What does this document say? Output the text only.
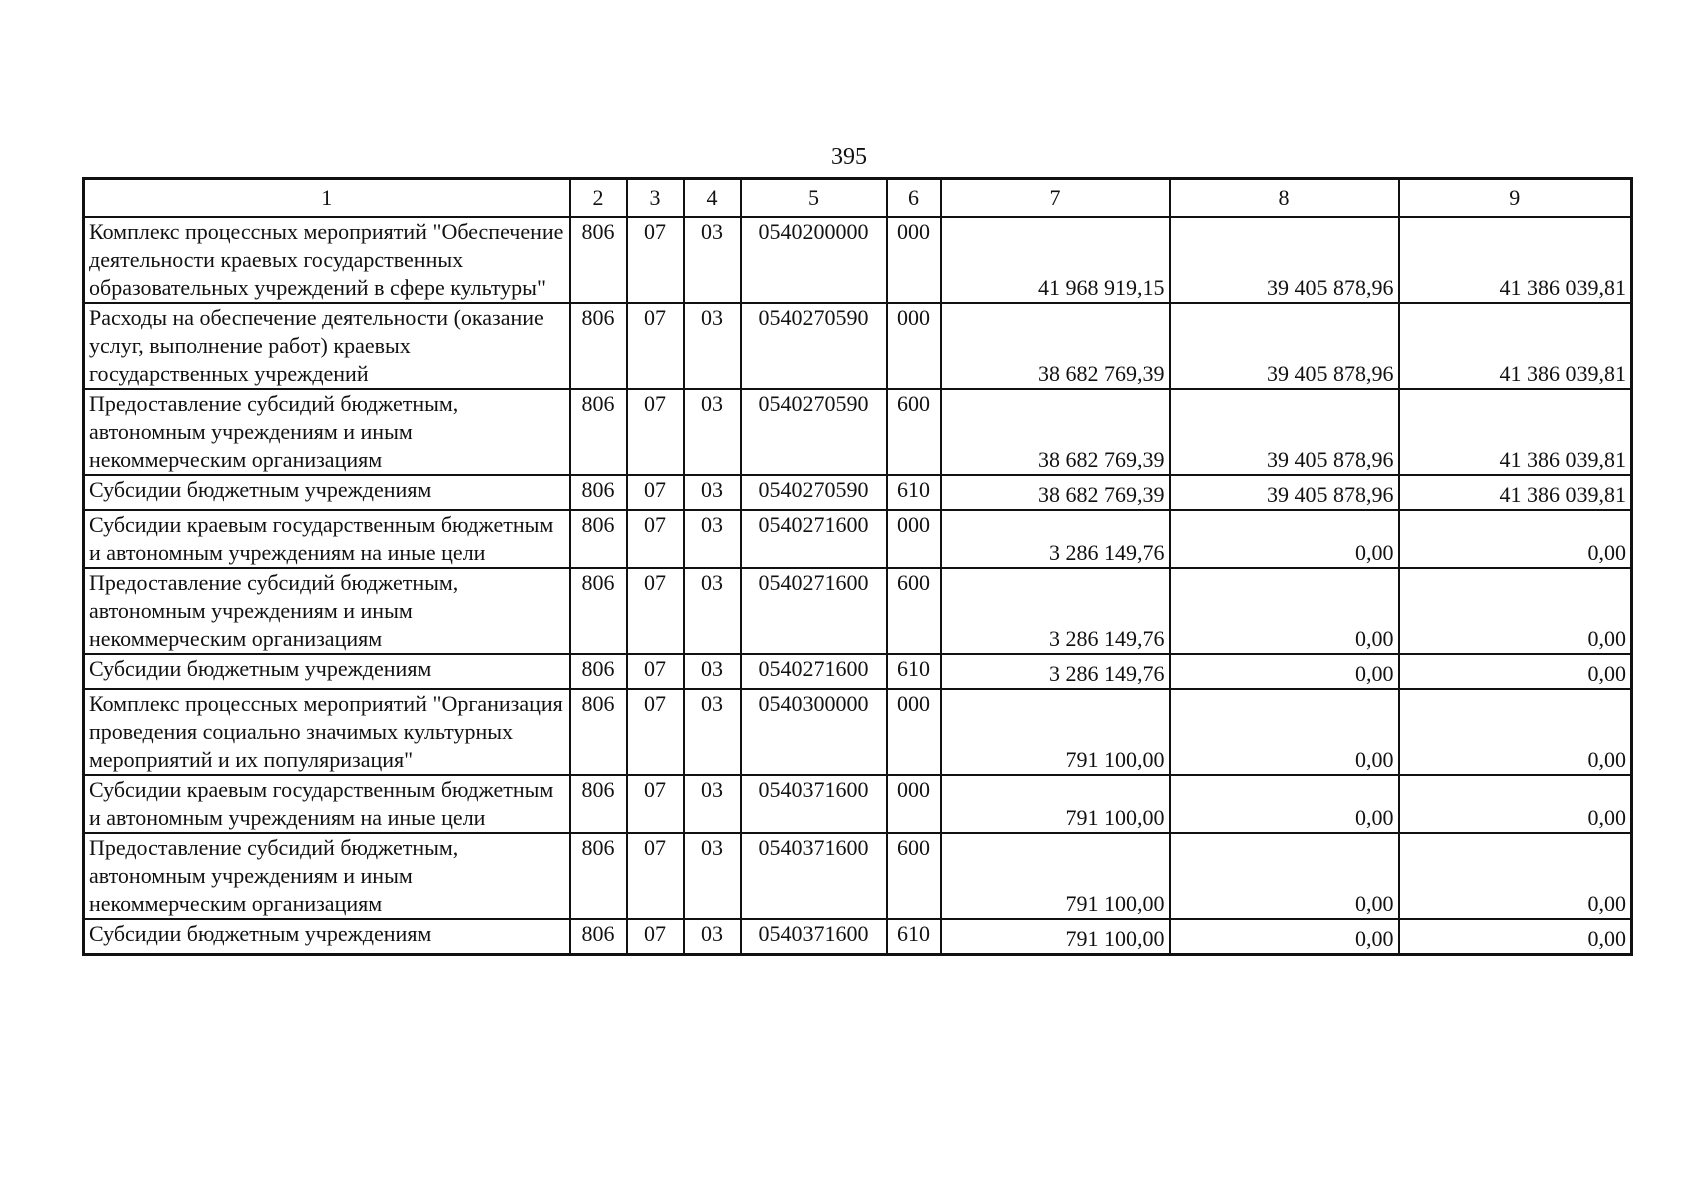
395
1	2	3	4	5	6	7	8	9
Комплекс процессных мероприятий "Обеспечение деятельности краевых государственных образовательных учреждений в сфере культуры"	806	07	03	0540200000	000	41 968 919,15	39 405 878,96	41 386 039,81
Расходы на обеспечение деятельности (оказание услуг, выполнение работ) краевых государственных учреждений	806	07	03	0540270590	000	38 682 769,39	39 405 878,96	41 386 039,81
Предоставление субсидий бюджетным, автономным учреждениям и иным некоммерческим организациям	806	07	03	0540270590	600	38 682 769,39	39 405 878,96	41 386 039,81
Субсидии бюджетным учреждениям	806	07	03	0540270590	610	38 682 769,39	39 405 878,96	41 386 039,81
Субсидии краевым государственным бюджетным и автономным учреждениям на иные цели	806	07	03	0540271600	000	3 286 149,76	0,00	0,00
Предоставление субсидий бюджетным, автономным учреждениям и иным некоммерческим организациям	806	07	03	0540271600	600	3 286 149,76	0,00	0,00
Субсидии бюджетным учреждениям	806	07	03	0540271600	610	3 286 149,76	0,00	0,00
Комплекс процессных мероприятий "Организация проведения социально значимых культурных мероприятий и их популяризация"	806	07	03	0540300000	000	791 100,00	0,00	0,00
Субсидии краевым государственным бюджетным и автономным учреждениям на иные цели	806	07	03	0540371600	000	791 100,00	0,00	0,00
Предоставление субсидий бюджетным, автономным учреждениям и иным некоммерческим организациям	806	07	03	0540371600	600	791 100,00	0,00	0,00
Субсидии бюджетным учреждениям	806	07	03	0540371600	610	791 100,00	0,00	0,00
